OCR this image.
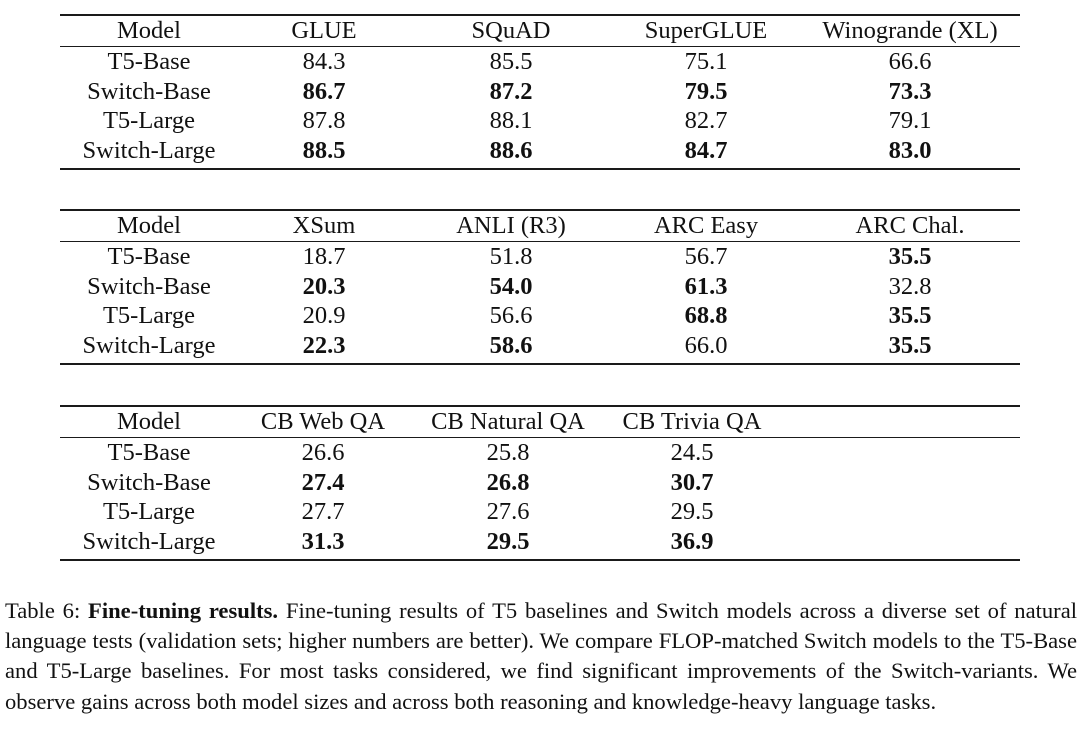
Model	GLUE	SQuAD	SuperGLUE	Winogrande (XL)
T5-Base	84.3	85.5	75.1	66.6
Switch-Base	86.7	87.2	79.5	73.3
T5-Large	87.8	88.1	82.7	79.1
Switch-Large	88.5	88.6	84.7	83.0
Model	XSum	ANLI (R3)	ARC Easy	ARC Chal.
T5-Base	18.7	51.8	56.7	35.5
Switch-Base	20.3	54.0	61.3	32.8
T5-Large	20.9	56.6	68.8	35.5
Switch-Large	22.3	58.6	66.0	35.5
Model	CB Web QA	CB Natural QA	CB Trivia QA
T5-Base	26.6	25.8	24.5
Switch-Base	27.4	26.8	30.7
T5-Large	27.7	27.6	29.5
Switch-Large	31.3	29.5	36.9
Table 6: Fine-tuning results. Fine-tuning results of T5 baselines and Switch models across a diverse set of natural language tests (validation sets; higher numbers are better). We compare FLOP-matched Switch models to the T5-Base and T5-Large baselines. For most tasks considered, we find significant improvements of the Switch-variants. We observe gains across both model sizes and across both reasoning and knowledge-heavy language tasks.
